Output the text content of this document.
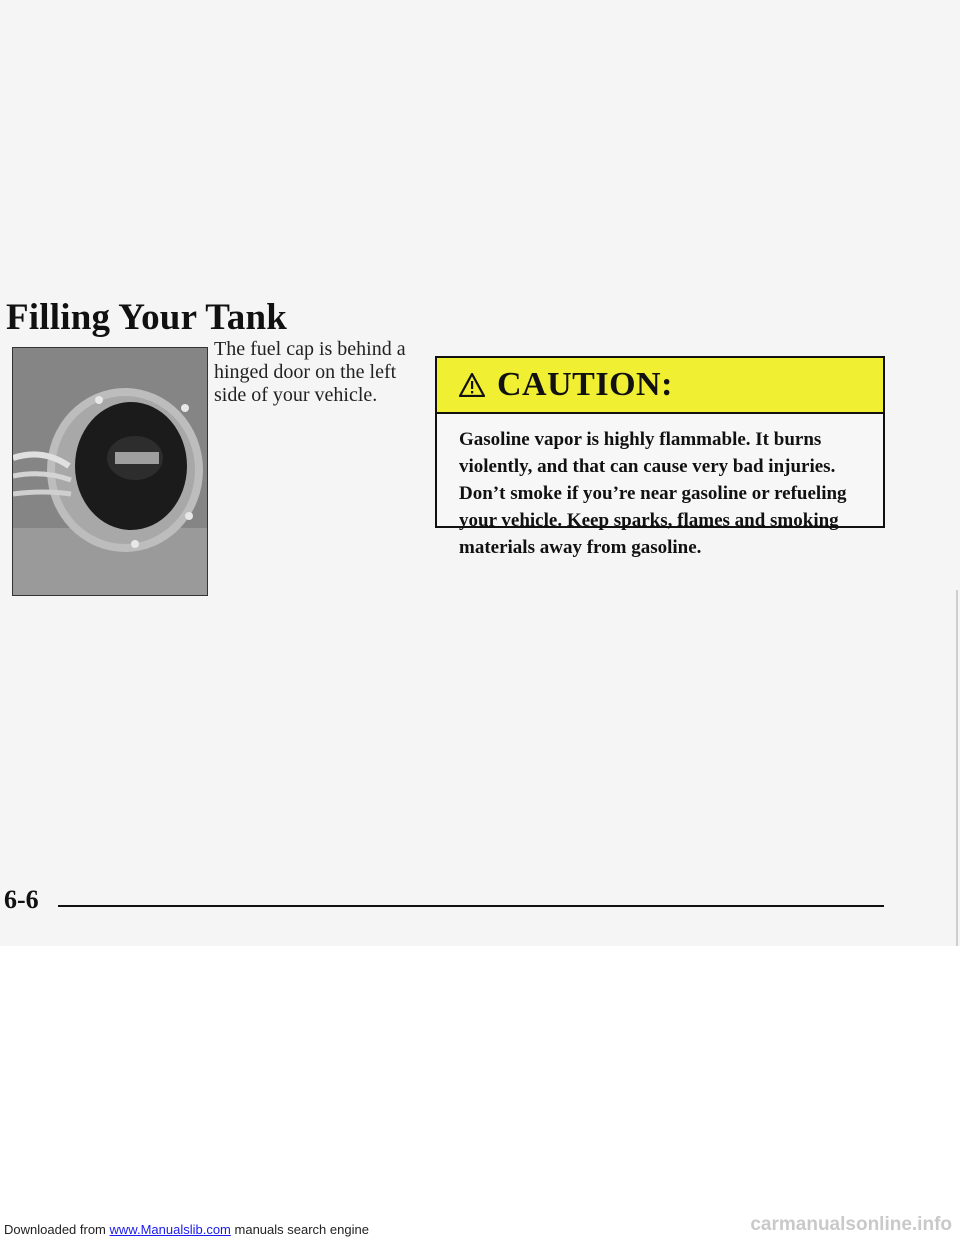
Filling Your Tank

The fuel cap is behind a hinged door on the left side of your vehicle.	CAUTION:

Gasoline vapor is highly flammable. It burns violently, and that can cause very bad injuries. Don’t smoke if you’re near gasoline or refueling your vehicle. Keep sparks, flames and smoking materials away from gasoline.

6-6
Downloaded from www.Manualslib.com manuals search engine	carmanualsonline.info
